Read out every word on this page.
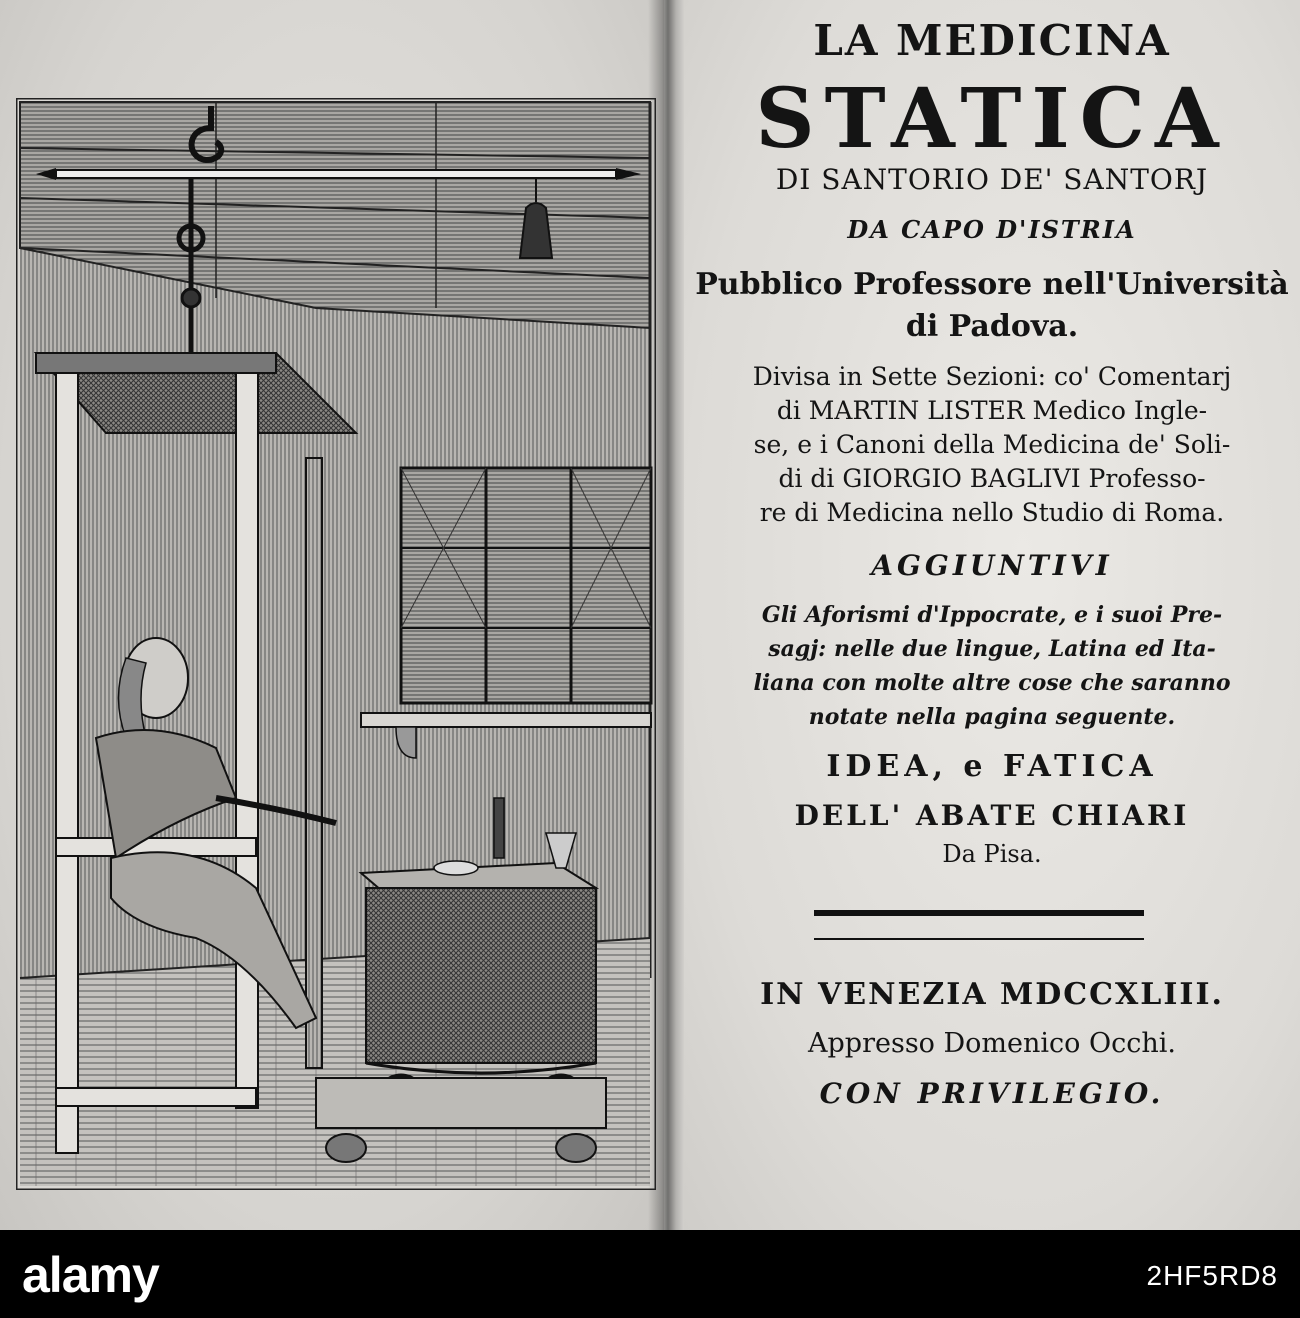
LA MEDICINA
STATICA
DI SANTORIO DE' SANTORJ
DA CAPO D'ISTRIA
Pubblico Professore nell'Università
di Padova.
Divisa in Sette Sezioni: co' Comentarj
di MARTIN LISTER Medico Ingle-
se, e i Canoni della Medicina de' Soli-
di di GIORGIO BAGLIVI Professo-
re di Medicina nello Studio di Roma.
AGGIUNTIVI
Gli Aforismi d'Ippocrate, e i suoi Pre-
sagj: nelle due lingue, Latina ed Ita-
liana con molte altre cose che saranno
notate nella pagina seguente.
IDEA, e FATICA
DELL' ABATE CHIARI
Da Pisa.
IN VENEZIA MDCCXLIII.
Appresso Domenico Occhi.
CON PRIVILEGIO.
alamy	2HF5RD8
